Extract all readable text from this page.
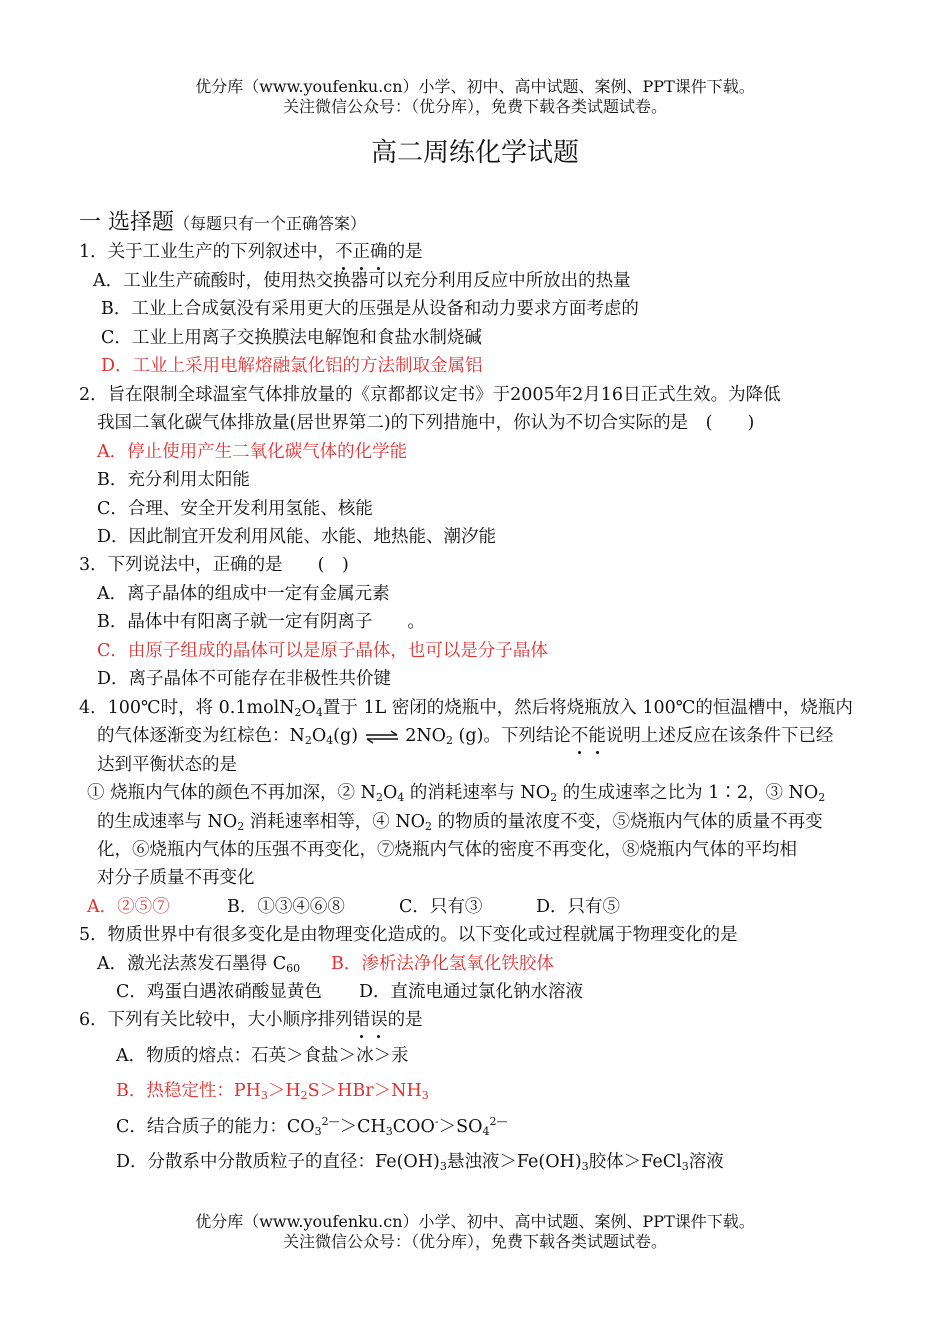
优分库（www.youfenku.cn）小学、初中、高中试题、案例、PPT课件下载。
关注微信公众号：（优分库），免费下载各类试题试卷。
高二周练化学试题
一 选择题（每题只有一个正确答案）
1．关于工业生产的下列叙述中，不正确的是
A．工业生产硫酸时，使用热交换器可以充分利用反应中所放出的热量
B．工业上合成氨没有采用更大的压强是从设备和动力要求方面考虑的
C．工业上用离子交换膜法电解饱和食盐水制烧碱
D．工业上采用电解熔融氯化铝的方法制取金属铝
2．旨在限制全球温室气体排放量的《京都都议定书》于2005年2月16日正式生效。为降低
我国二氧化碳气体排放量(居世界第二)的下列措施中，你认为不切合实际的是　(　　)
A．停止使用产生二氧化碳气体的化学能
B．充分利用太阳能
C．合理、安全开发利用氢能、核能
D．因此制宜开发利用风能、水能、地热能、潮汐能
3．下列说法中，正确的是　　(　)
A．离子晶体的组成中一定有金属元素
B．晶体中有阳离子就一定有阴离子　　。
C．由原子组成的晶体可以是原子晶体，也可以是分子晶体
D．离子晶体不可能存在非极性共价键
4．100℃时，将 $0.1molN_2O_4$置于 1L 密闭的烧瓶中，然后将烧瓶放入 100℃的恒温槽中，烧瓶内
的气体逐渐变为红棕色：$N_2O_4(g)$ ⇌ $2NO_2$ (g)。下列结论不能说明上述反应在该条件下已经
达到平衡状态的是
① 烧瓶内气体的颜色不再加深，② $N_2O_4$ 的消耗速率与 $NO_2$ 的生成速率之比为 1∶2，③ $NO_2$
的生成速率与 $NO_2$ 消耗速率相等，④ $NO_2$ 的物质的量浓度不变，⑤烧瓶内气体的质量不再变
化，⑥烧瓶内气体的压强不再变化，⑦烧瓶内气体的密度不再变化，⑧烧瓶内气体的平均相
对分子质量不再变化
A．②⑤⑦	B．①③④⑥⑧	C．只有③	D．只有⑤
5．物质世界中有很多变化是由物理变化造成的。以下变化或过程就属于物理变化的是
A．激光法蒸发石墨得 $C_{60}$ B．渗析法净化氢氧化铁胶体
C．鸡蛋白遇浓硝酸显黄色 D．直流电通过氯化钠水溶液
6．下列有关比较中，大小顺序排列错误的是
A．物质的熔点：石英＞食盐＞冰＞汞
B．热稳定性：$PH_3>H_2S>HBr>NH_3$
C．结合质子的能力：$CO_3^{2—}>CH_3COO^->SO_4^{2—}$
D．分散系中分散质粒子的直径：$Fe(OH)_3$悬浊液$>Fe(OH)_3$胶体＞FeCl$_3$溶液
优分库（www.youfenku.cn）小学、初中、高中试题、案例、PPT课件下载。
关注微信公众号：（优分库），免费下载各类试题试卷。
